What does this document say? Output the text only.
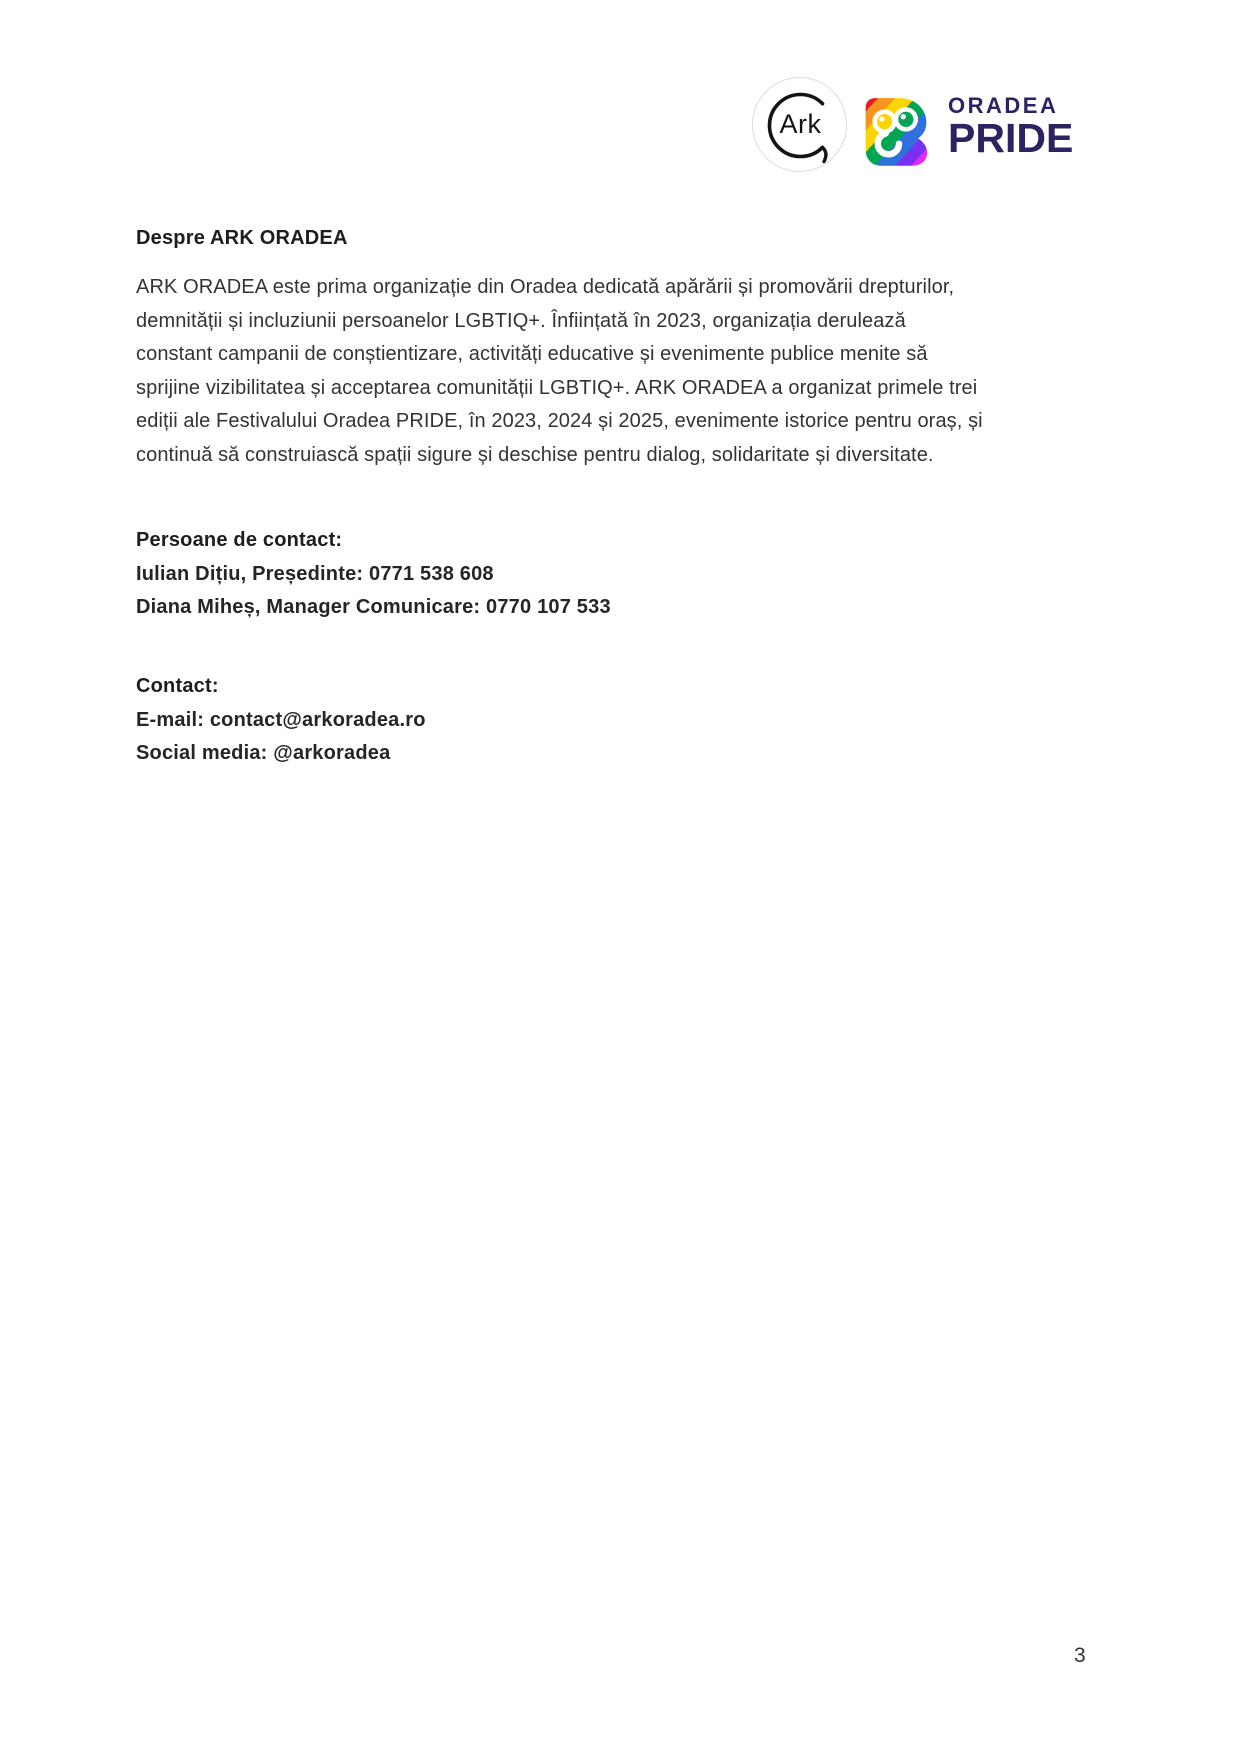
Ark
ORADEA
PRIDE
Despre ARK ORADEA
ARK ORADEA este prima organizație din Oradea dedicată apărării și promovării drepturilor,
demnității și incluziunii persoanelor LGBTIQ+. Înființată în 2023, organizația derulează
constant campanii de conștientizare, activități educative și evenimente publice menite să
sprijine vizibilitatea și acceptarea comunității LGBTIQ+. ARK ORADEA a organizat primele trei
ediții ale Festivalului Oradea PRIDE, în 2023, 2024 și 2025, evenimente istorice pentru oraș, și
continuă să construiască spații sigure și deschise pentru dialog, solidaritate și diversitate.
Persoane de contact:
Iulian Dițiu, Președinte: 0771 538 608
Diana Miheș, Manager Comunicare: 0770 107 533
Contact:
E-mail: contact@arkoradea.ro
Social media: @arkoradea
3
